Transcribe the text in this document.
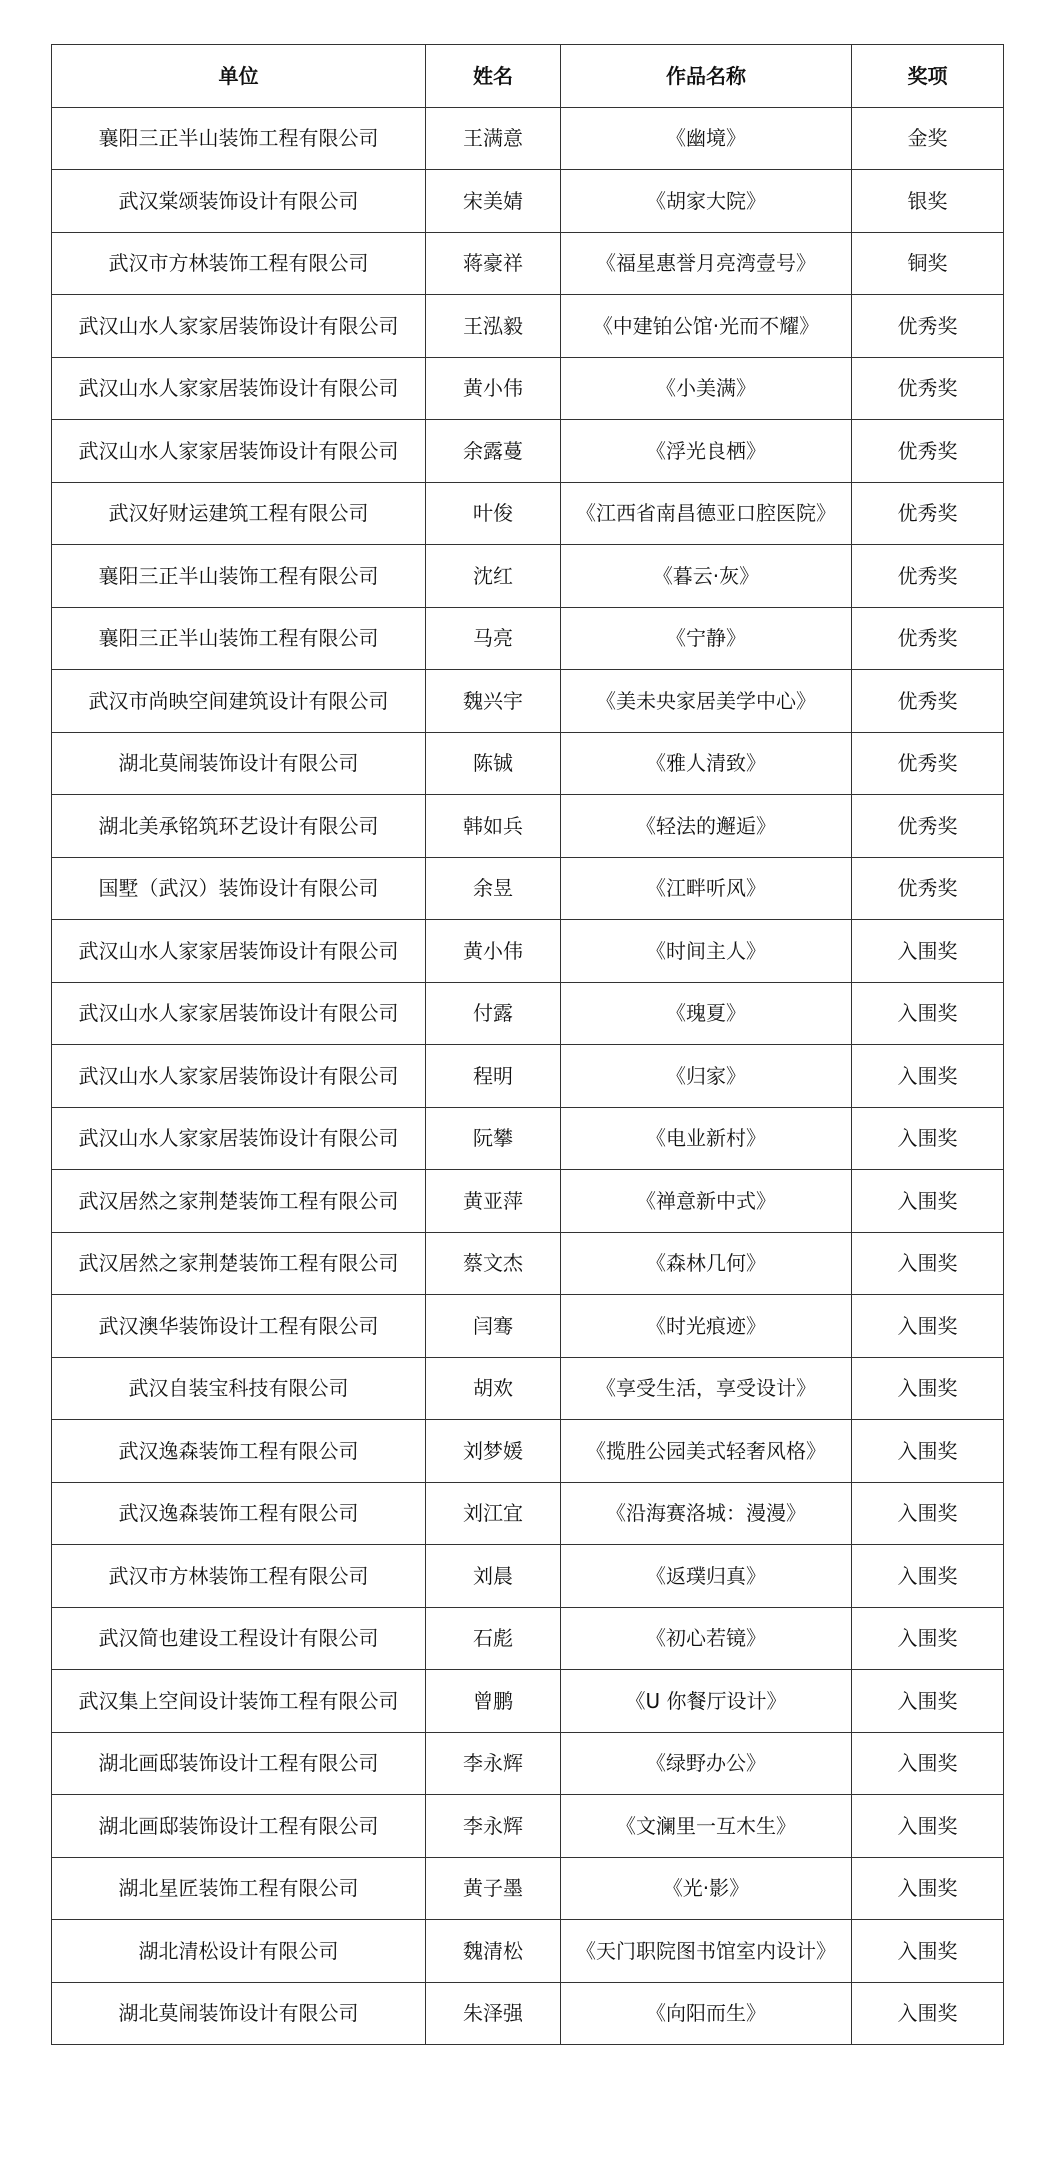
单位	姓名	作品名称	奖项
襄阳三正半山装饰工程有限公司	王满意	《幽境》	金奖
武汉棠颂装饰设计有限公司	宋美婧	《胡家大院》	银奖
武汉市方林装饰工程有限公司	蒋豪祥	《福星惠誉月亮湾壹号》	铜奖
武汉山水人家家居装饰设计有限公司	王泓毅	《中建铂公馆·光而不耀》	优秀奖
武汉山水人家家居装饰设计有限公司	黄小伟	《小美满》	优秀奖
武汉山水人家家居装饰设计有限公司	余露蔓	《浮光良栖》	优秀奖
武汉好财运建筑工程有限公司	叶俊	《江西省南昌德亚口腔医院》	优秀奖
襄阳三正半山装饰工程有限公司	沈红	《暮云·灰》	优秀奖
襄阳三正半山装饰工程有限公司	马亮	《宁静》	优秀奖
武汉市尚映空间建筑设计有限公司	魏兴宇	《美未央家居美学中心》	优秀奖
湖北莫闹装饰设计有限公司	陈铖	《雅人清致》	优秀奖
湖北美承铭筑环艺设计有限公司	韩如兵	《轻法的邂逅》	优秀奖
国墅（武汉）装饰设计有限公司	余昱	《江畔听风》	优秀奖
武汉山水人家家居装饰设计有限公司	黄小伟	《时间主人》	入围奖
武汉山水人家家居装饰设计有限公司	付露	《瑰夏》	入围奖
武汉山水人家家居装饰设计有限公司	程明	《归家》	入围奖
武汉山水人家家居装饰设计有限公司	阮攀	《电业新村》	入围奖
武汉居然之家荆楚装饰工程有限公司	黄亚萍	《禅意新中式》	入围奖
武汉居然之家荆楚装饰工程有限公司	蔡文杰	《森林几何》	入围奖
武汉澳华装饰设计工程有限公司	闫骞	《时光痕迹》	入围奖
武汉自装宝科技有限公司	胡欢	《享受生活，享受设计》	入围奖
武汉逸森装饰工程有限公司	刘梦媛	《揽胜公园美式轻奢风格》	入围奖
武汉逸森装饰工程有限公司	刘江宜	《沿海赛洛城：漫漫》	入围奖
武汉市方林装饰工程有限公司	刘晨	《返璞归真》	入围奖
武汉简也建设工程设计有限公司	石彪	《初心若镜》	入围奖
武汉集上空间设计装饰工程有限公司	曾鹏	《U 你餐厅设计》	入围奖
湖北画邸装饰设计工程有限公司	李永辉	《绿野办公》	入围奖
湖北画邸装饰设计工程有限公司	李永辉	《文澜里一互木生》	入围奖
湖北星匠装饰工程有限公司	黄子墨	《光·影》	入围奖
湖北清松设计有限公司	魏清松	《天门职院图书馆室内设计》	入围奖
湖北莫闹装饰设计有限公司	朱泽强	《向阳而生》	入围奖
